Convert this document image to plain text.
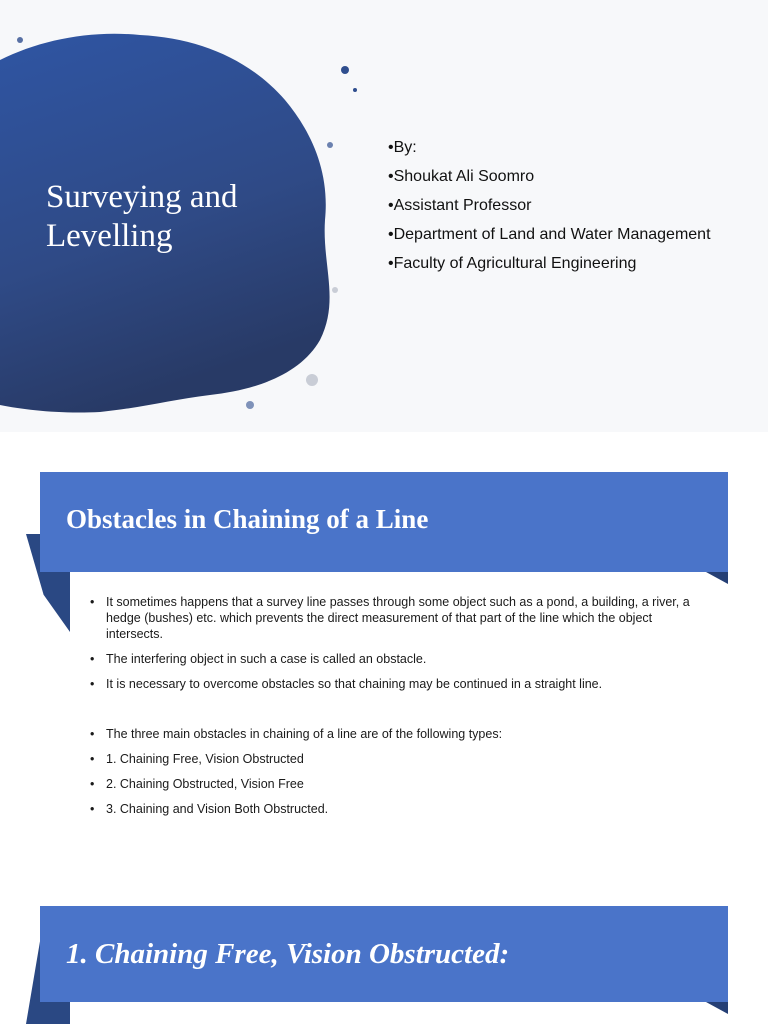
Surveying and Levelling
•By:
•Shoukat Ali Soomro
•Assistant Professor
•Department of Land and Water Management
•Faculty of Agricultural Engineering
Obstacles in Chaining of a Line
• It sometimes happens that a survey line passes through some object such as a pond, a building, a river, a hedge (bushes) etc. which prevents the direct measurement of that part of the line which the object intersects.
• The interfering object in such a case is called an obstacle.
• It is necessary to overcome obstacles so that chaining may be continued in a straight line.
• The three main obstacles in chaining of a line are of the following types:
• 1. Chaining Free, Vision Obstructed
• 2. Chaining Obstructed, Vision Free
• 3. Chaining and Vision Both Obstructed.
1. Chaining Free, Vision Obstructed:
